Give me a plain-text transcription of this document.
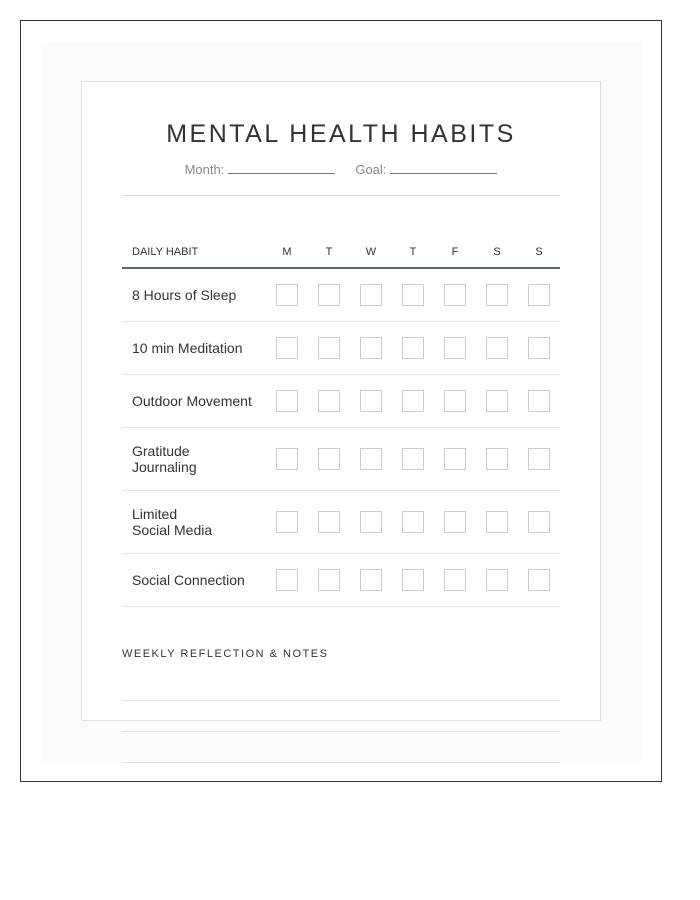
MENTAL HEALTH HABITS
Month:	Goal:
DAILY HABIT	M	T	W	T	F	S	S
8 Hours of Sleep							
10 min Meditation							
Outdoor Movement							
Gratitude Journaling							
Limited Social Media							
Social Connection							
WEEKLY REFLECTION & NOTES
